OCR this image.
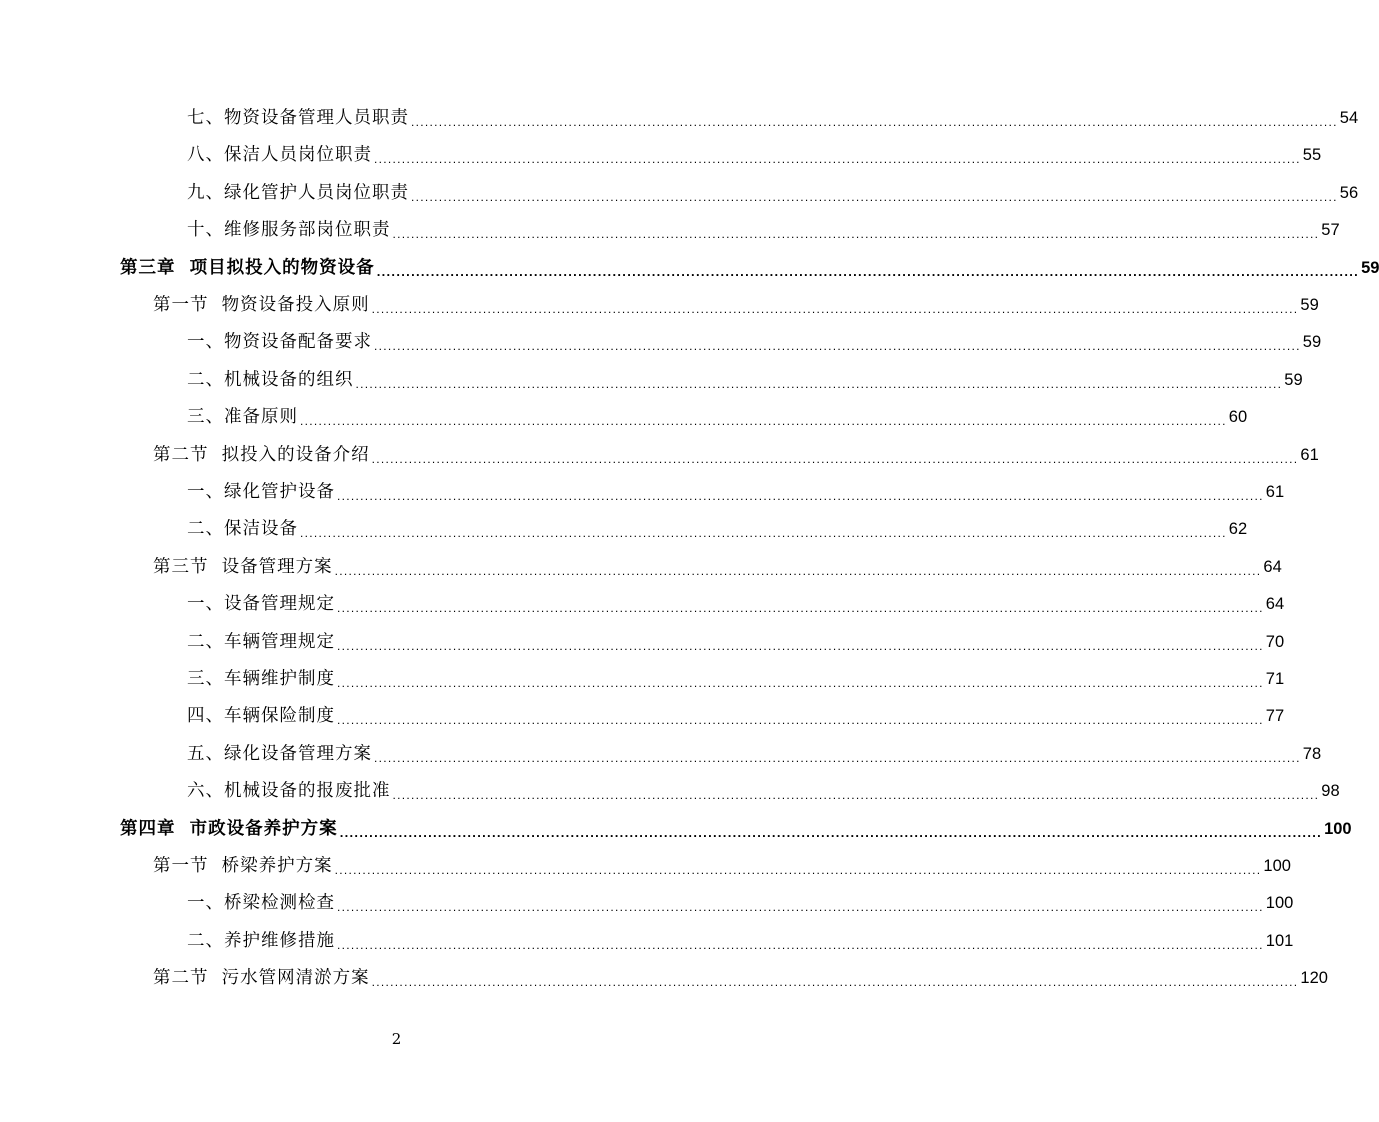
七、物资设备管理人员职责 ........................................................................................................................................................................................................ 54
八、保洁人员岗位职责 ........................................................................................................................................................................................................ 55
九、绿化管护人员岗位职责 ........................................................................................................................................................................................................ 56
十、维修服务部岗位职责 ........................................................................................................................................................................................................ 57
第三章  项目拟投入的物资设备 ........................................................................................................................................................................................................ 59
第一节  物资设备投入原则 ........................................................................................................................................................................................................ 59
一、物资设备配备要求 ........................................................................................................................................................................................................ 59
二、机械设备的组织 ........................................................................................................................................................................................................ 59
三、准备原则 ........................................................................................................................................................................................................ 60
第二节  拟投入的设备介绍 ........................................................................................................................................................................................................ 61
一、绿化管护设备 ........................................................................................................................................................................................................ 61
二、保洁设备 ........................................................................................................................................................................................................ 62
第三节  设备管理方案 ........................................................................................................................................................................................................ 64
一、设备管理规定 ........................................................................................................................................................................................................ 64
二、车辆管理规定 ........................................................................................................................................................................................................ 70
三、车辆维护制度 ........................................................................................................................................................................................................ 71
四、车辆保险制度 ........................................................................................................................................................................................................ 77
五、绿化设备管理方案 ........................................................................................................................................................................................................ 78
六、机械设备的报废批准 ........................................................................................................................................................................................................ 98
第四章  市政设备养护方案 ........................................................................................................................................................................................................ 100
第一节  桥梁养护方案 ........................................................................................................................................................................................................ 100
一、桥梁检测检查 ........................................................................................................................................................................................................ 100
二、养护维修措施 ........................................................................................................................................................................................................ 101
第二节  污水管网清淤方案 ........................................................................................................................................................................................................ 120
2
